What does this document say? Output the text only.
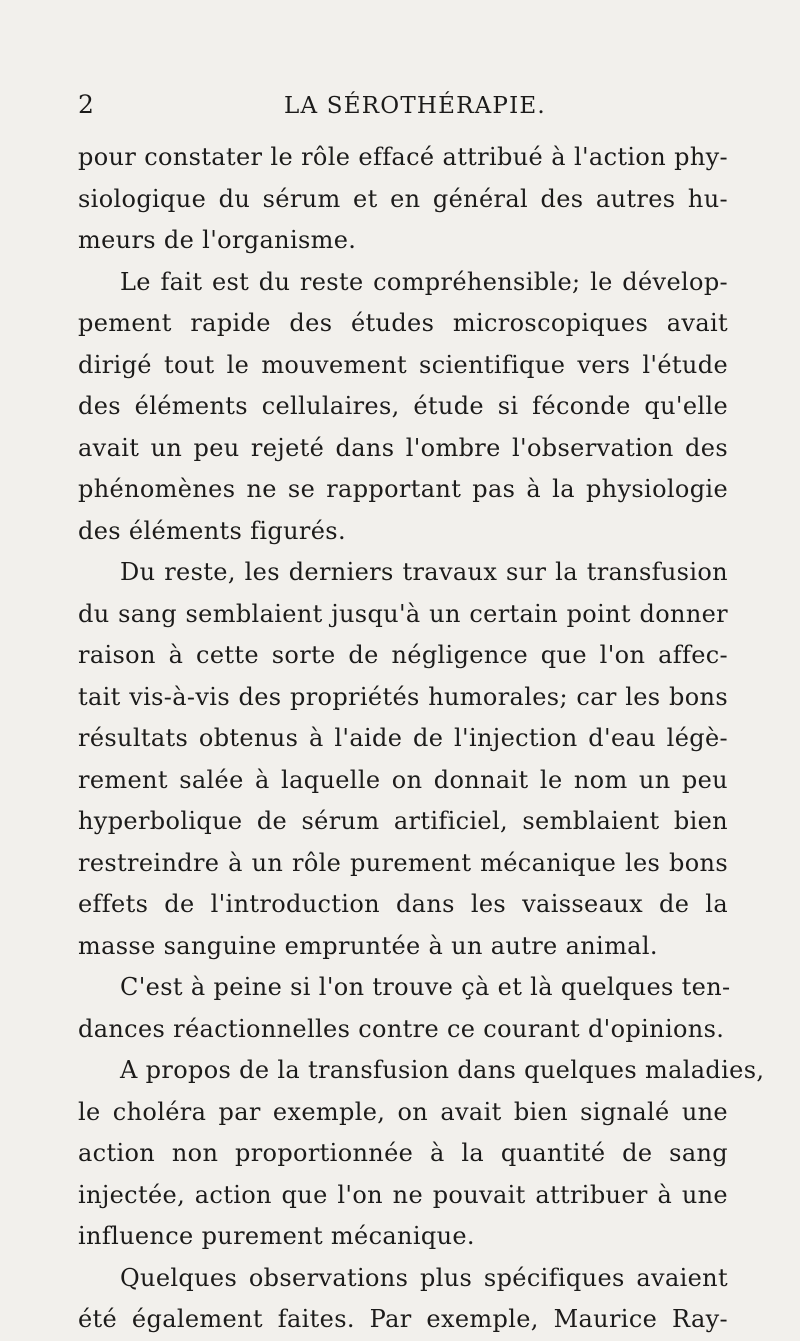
2	LA SÉROTHÉRAPIE.
pour constater le rôle effacé attribué à l'action phy-
siologique du sérum et en général des autres hu-
meurs de l'organisme.
Le fait est du reste compréhensible; le dévelop-
pement rapide des études microscopiques avait
dirigé tout le mouvement scientifique vers l'étude
des éléments cellulaires, étude si féconde qu'elle
avait un peu rejeté dans l'ombre l'observation des
phénomènes ne se rapportant pas à la physiologie
des éléments figurés.
Du reste, les derniers travaux sur la transfusion
du sang semblaient jusqu'à un certain point donner
raison à cette sorte de négligence que l'on affec-
tait vis-à-vis des propriétés humorales; car les bons
résultats obtenus à l'aide de l'injection d'eau légè-
rement salée à laquelle on donnait le nom un peu
hyperbolique de sérum artificiel, semblaient bien
restreindre à un rôle purement mécanique les bons
effets de l'introduction dans les vaisseaux de la
masse sanguine empruntée à un autre animal.
C'est à peine si l'on trouve çà et là quelques ten-
dances réactionnelles contre ce courant d'opinions.
A propos de la transfusion dans quelques maladies,
le choléra par exemple, on avait bien signalé une
action non proportionnée à la quantité de sang
injectée, action que l'on ne pouvait attribuer à une
influence purement mécanique.
Quelques observations plus spécifiques avaient
été également faites. Par exemple, Maurice Ray-
